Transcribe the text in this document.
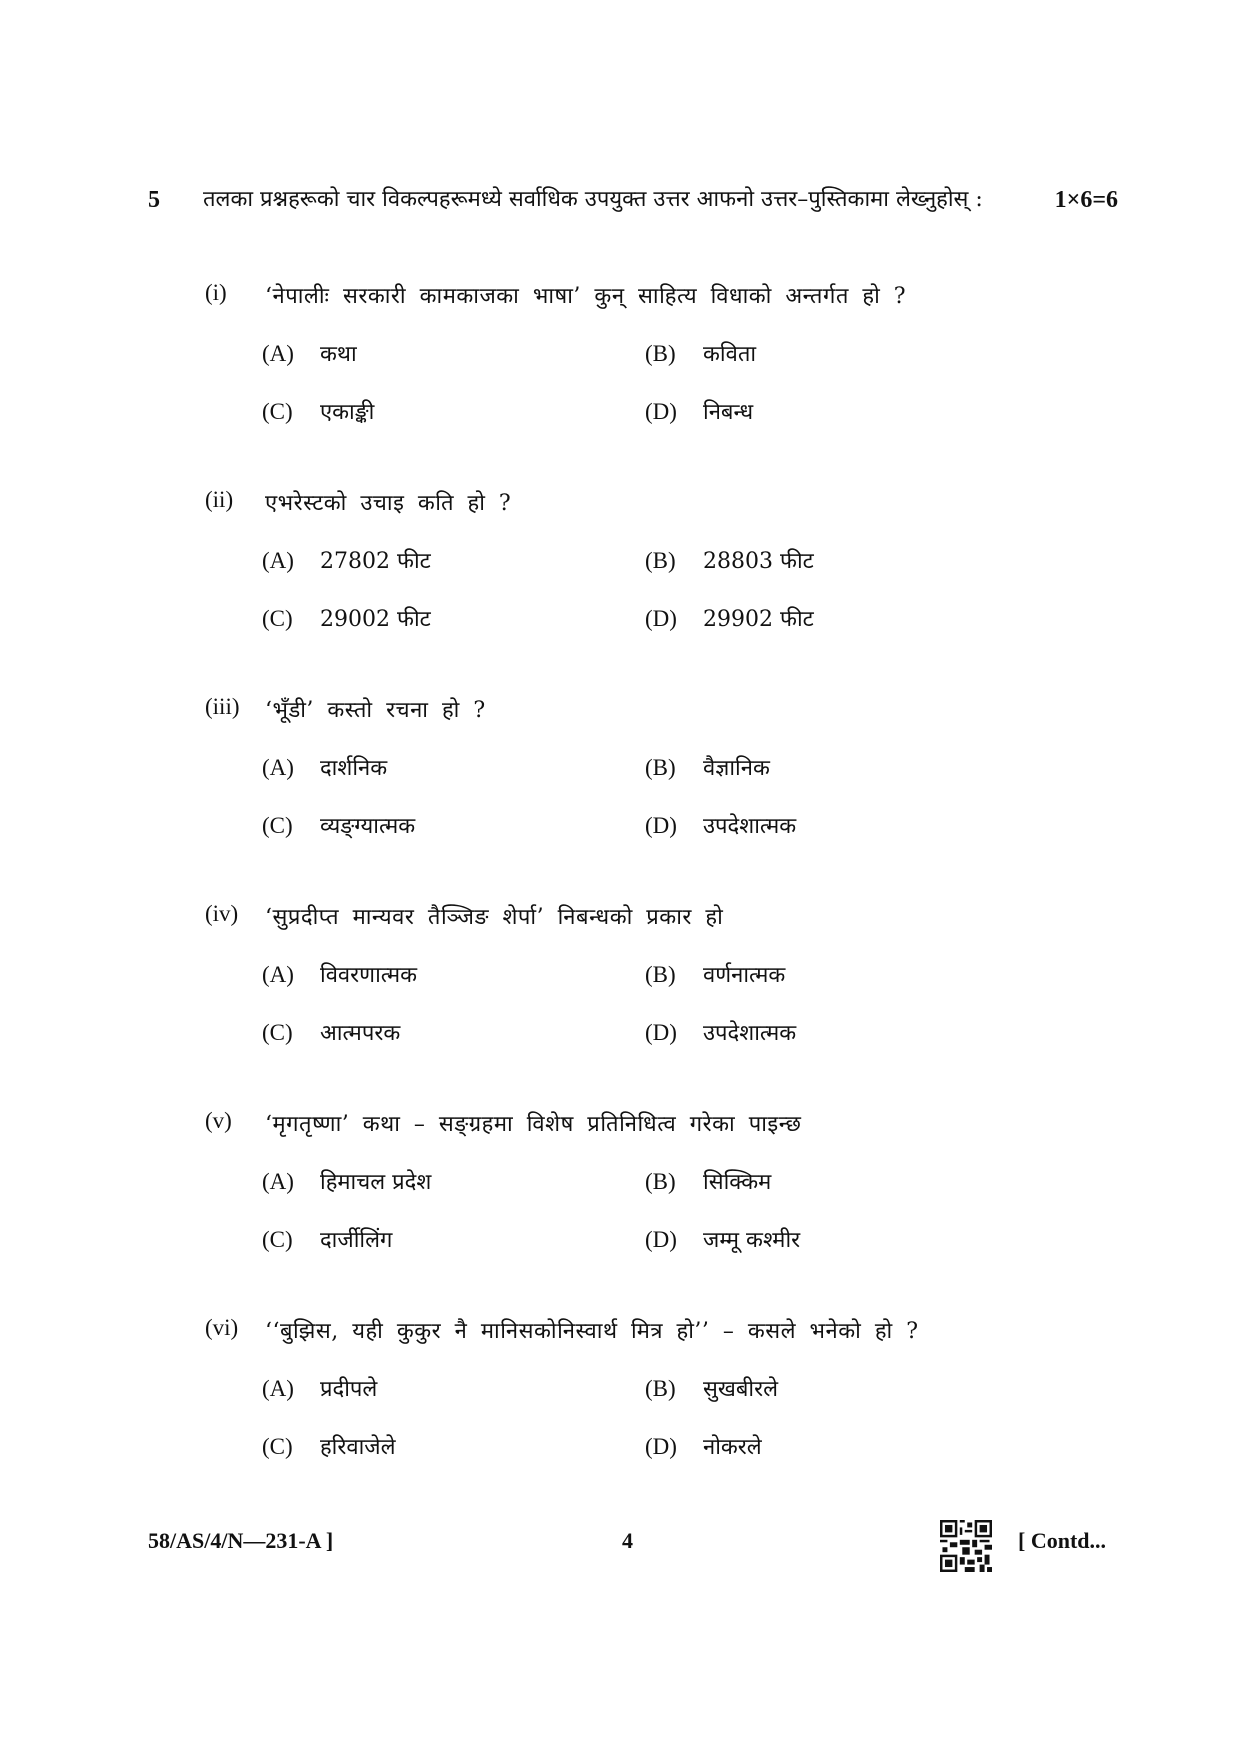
5 तलका प्रश्नहरूको चार विकल्पहरूमध्ये सर्वाधिक उपयुक्त उत्तर आफनो उत्तर–पुस्तिकामा लेख्नुहोस् :	1×6=6
(i) ‘नेपालीः सरकारी कामकाजका भाषा’ कुन् साहित्य विधाको अन्तर्गत हो ?
(A) कथा	(B) कविता
(C) एकाङ्की	(D) निबन्ध
(ii) एभरेस्टको उचाइ कति हो ?
(A) 27802 फीट	(B) 28803 फीट
(C) 29002 फीट	(D) 29902 फीट
(iii) ‘भूँडी’ कस्तो रचना हो ?
(A) दार्शनिक	(B) वैज्ञानिक
(C) व्यङ्ग्यात्मक	(D) उपदेशात्मक
(iv) ‘सुप्रदीप्त मान्यवर तैञ्जिङ शेर्पा’ निबन्धको प्रकार हो
(A) विवरणात्मक	(B) वर्णनात्मक
(C) आत्मपरक	(D) उपदेशात्मक
(v) ‘मृगतृष्णा’ कथा – सङ्ग्रहमा विशेष प्रतिनिधित्व गरेका पाइन्छ
(A) हिमाचल प्रदेश	(B) सिक्किम
(C) दार्जीलिंग	(D) जम्मू कश्मीर
(vi) ‘‘बुझिस, यही कुकुर नै मानिसकोनिस्वार्थ मित्र हो’’ – कसले भनेको हो ?
(A) प्रदीपले	(B) सुखबीरले
(C) हरिवाजेले	(D) नोकरले
58/AS/4/N—231-A ]	4	[ Contd...
